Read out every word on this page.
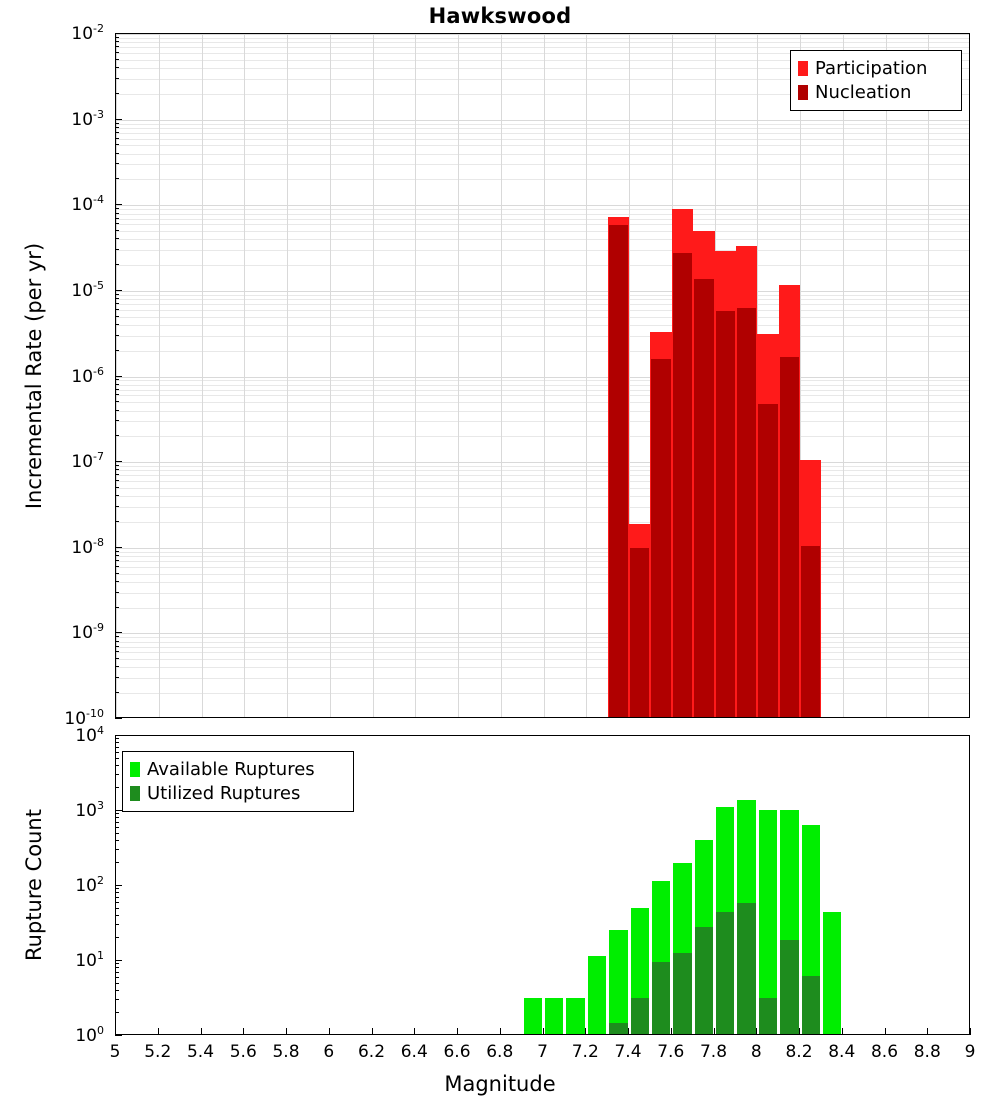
Hawkswood
Incremental Rate (per yr)
Participation
Nucleation
Rupture Count
Available Ruptures
Utilized Ruptures
Magnitude
$10^{-2}$
$10^{-3}$
$10^{-4}$
$10^{-5}$
$10^{-6}$
$10^{-7}$
$10^{-8}$
$10^{-9}$
$10^{-10}$
$10^4$
$10^3$
$10^2$
$10^1$
$10^0$
5 5.2 5.4 5.6 5.8 6 6.2 6.4 6.6 6.8 7 7.2 7.4 7.6 7.8 8 8.2 8.4 8.6 8.8 9
